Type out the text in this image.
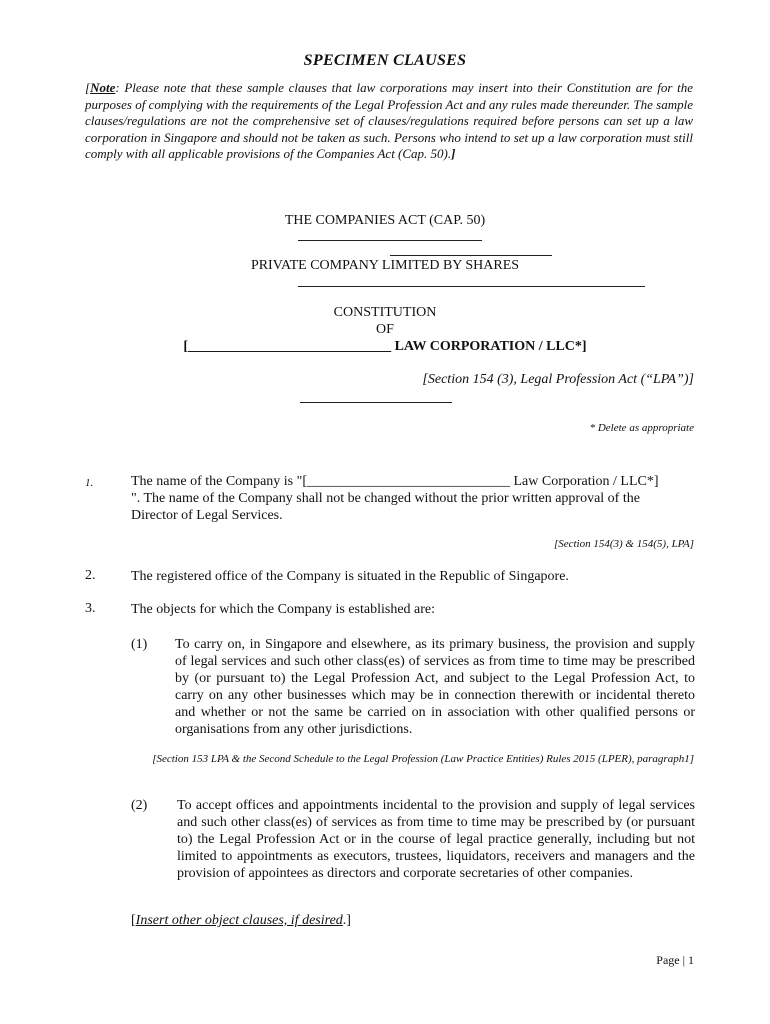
SPECIMEN CLAUSES
[Note: Please note that these sample clauses that law corporations may insert into their Constitution are for the purposes of complying with the requirements of the Legal Profession Act and any rules made thereunder. The sample clauses/regulations are not the comprehensive set of clauses/regulations required before persons can set up a law corporation in Singapore and should not be taken as such. Persons who intend to set up a law corporation must still comply with all applicable provisions of the Companies Act (Cap. 50).]
THE COMPANIES ACT (CAP. 50)
PRIVATE COMPANY LIMITED BY SHARES
CONSTITUTION
OF
[_____________________________ LAW CORPORATION / LLC*]
[Section 154 (3), Legal Profession Act (“LPA”)]
* Delete as appropriate
1.	The name of the Company is "[_____________________________ Law Corporation / LLC*] ". The name of the Company shall not be changed without the prior written approval of the Director of Legal Services.
[Section 154(3) & 154(5), LPA]
2.	The registered office of the Company is situated in the Republic of Singapore.
3.	The objects for which the Company is established are:
(1) To carry on, in Singapore and elsewhere, as its primary business, the provision and supply of legal services and such other class(es) of services as from time to time may be prescribed by (or pursuant to) the Legal Profession Act, and subject to the Legal Profession Act, to carry on any other businesses which may be in connection therewith or incidental thereto and whether or not the same be carried on in association with other qualified persons or organisations from any other jurisdictions.
[Section 153 LPA & the Second Schedule to the Legal Profession (Law Practice Entities) Rules 2015 (LPER), paragraph1]
(2) To accept offices and appointments incidental to the provision and supply of legal services and such other class(es) of services as from time to time may be prescribed by (or pursuant to) the Legal Profession Act or in the course of legal practice generally, including but not limited to appointments as executors, trustees, liquidators, receivers and managers and the provision of appointees as directors and corporate secretaries of other companies.
[Insert other object clauses, if desired.]
Page | 1
